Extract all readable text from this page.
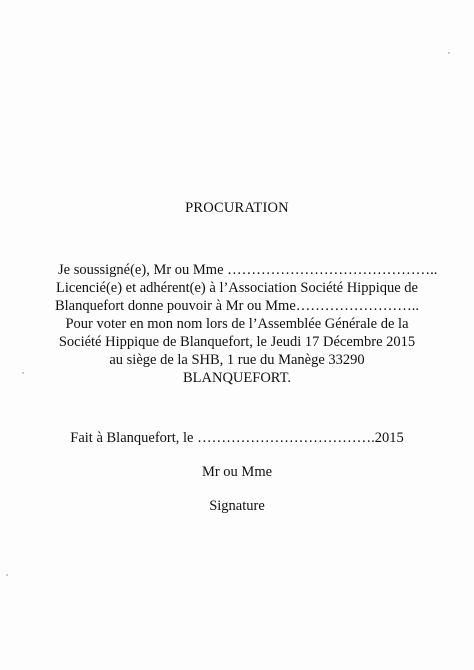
PROCURATION
Je soussigné(e), Mr ou Mme ……………………………………..
Licencié(e) et adhérent(e) à l’Association Société Hippique de
Blanquefort donne pouvoir à Mr ou Mme……………………..
Pour voter en mon nom lors de l’Assemblée Générale de la
Société Hippique de Blanquefort, le Jeudi 17 Décembre 2015
au siège de la SHB, 1 rue du Manège 33290
BLANQUEFORT.
Fait à Blanquefort, le ……………………………….2015
Mr ou Mme
Signature
